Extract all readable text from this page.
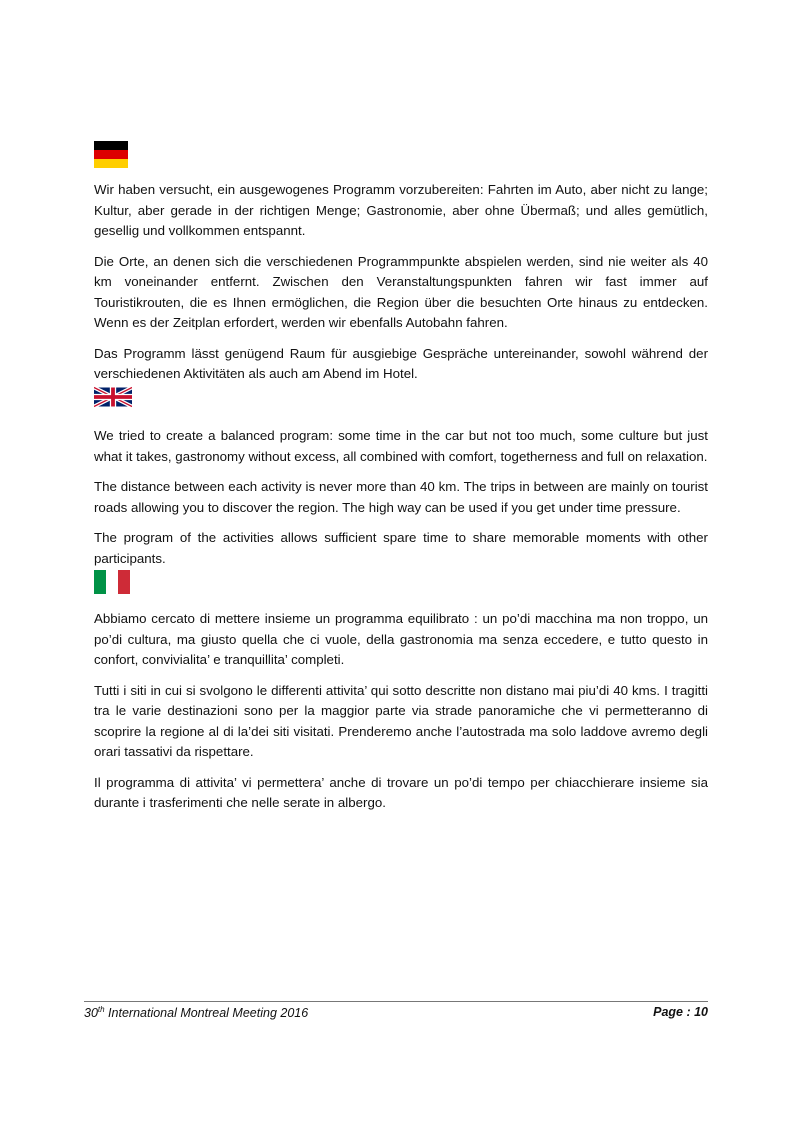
Wir haben versucht, ein ausgewogenes Programm vorzubereiten: Fahrten im Auto, aber nicht zu lange; Kultur, aber gerade in der richtigen Menge; Gastronomie, aber ohne Übermaß; und alles gemütlich, gesellig und vollkommen entspannt.

Die Orte, an denen sich die verschiedenen Programmpunkte abspielen werden, sind nie weiter als 40 km voneinander entfernt. Zwischen den Veranstaltungspunkten fahren wir fast immer auf Touristikrouten, die es Ihnen ermöglichen, die Region über die besuchten Orte hinaus zu entdecken. Wenn es der Zeitplan erfordert, werden wir ebenfalls Autobahn fahren.

Das Programm lässt genügend Raum für ausgiebige Gespräche untereinander, sowohl während der verschiedenen Aktivitäten als auch am Abend im Hotel.

We tried to create a balanced program: some time in the car but not too much, some culture but just what it takes, gastronomy without excess, all combined with comfort, togetherness and full on relaxation.

The distance between each activity is never more than 40 km. The trips in between are mainly on tourist roads allowing you to discover the region. The high way can be used if you get under time pressure.

The program of the activities allows sufficient spare time to share memorable moments with other participants.

Abbiamo cercato di mettere insieme un programma equilibrato : un po’di macchina ma non troppo, un po’di cultura, ma giusto quella che ci vuole, della gastronomia ma senza eccedere, e tutto questo in confort, convivialita’ e tranquillita’ completi.

Tutti i siti in cui si svolgono le differenti attivita’ qui sotto descritte non distano mai piu’di 40 kms. I tragitti tra le varie destinazioni sono per la maggior parte via strade panoramiche che vi permetteranno di scoprire la regione al di la’dei siti visitati. Prenderemo anche l’autostrada ma solo laddove avremo degli orari tassativi da rispettare.

Il programma di attivita’ vi permettera’ anche di trovare un po’di tempo per chiacchierare insieme sia durante i trasferimenti che nelle serate in albergo.

30th International Montreal Meeting 2016	Page : 10
